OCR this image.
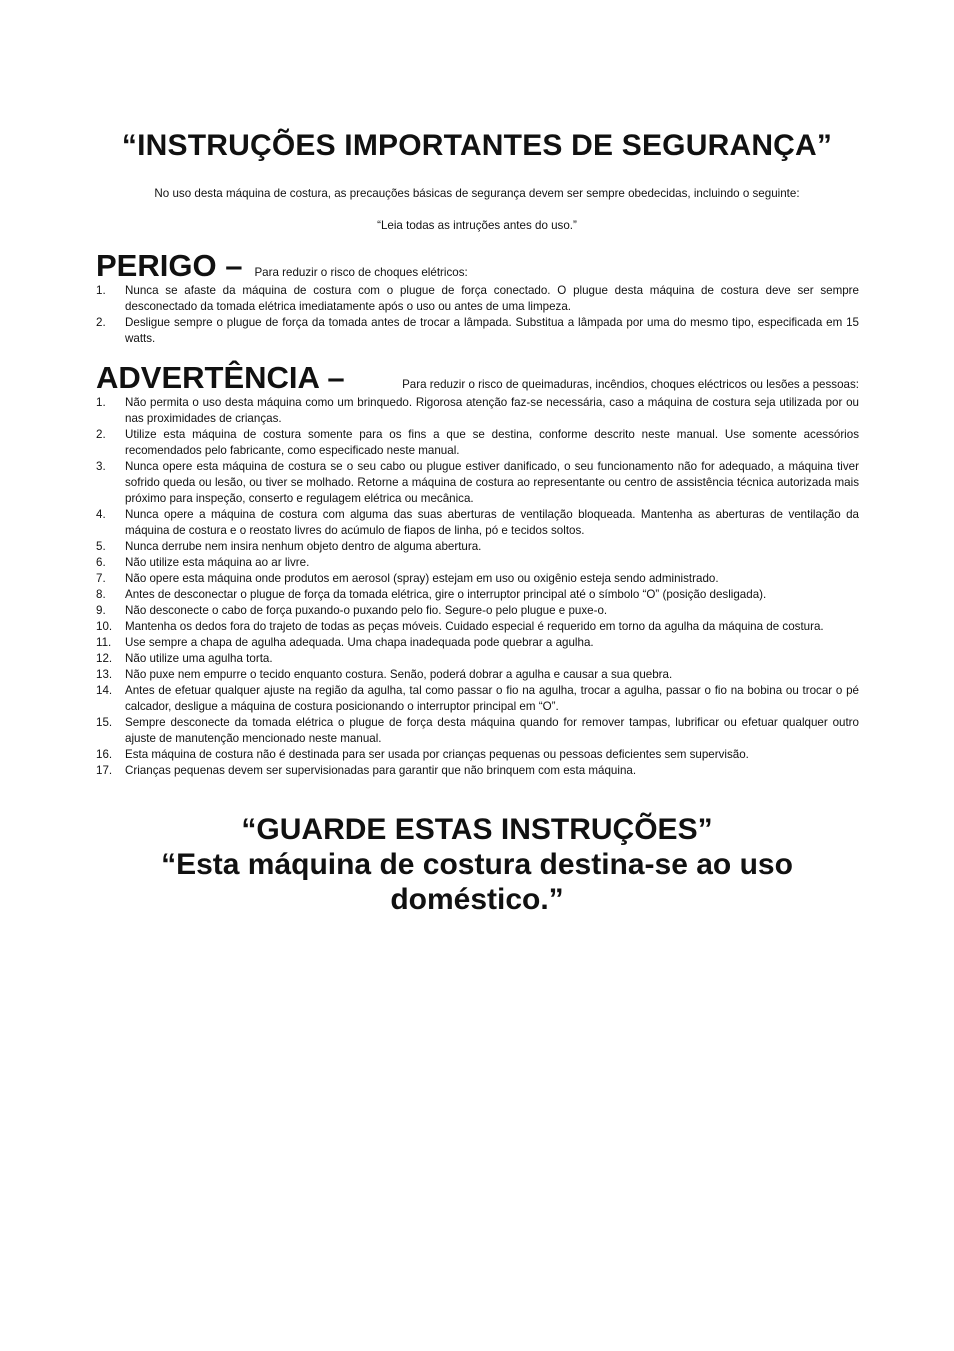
“INSTRUÇÕES IMPORTANTES DE SEGURANÇA”
No uso desta máquina de costura, as precauções básicas de segurança devem ser sempre obedecidas, incluindo o seguinte:
“Leia todas as intruções antes do uso.”
PERIGO – Para reduzir o risco de choques elétricos:
1. Nunca se afaste da máquina de costura com o plugue de força conectado. O plugue desta máquina de costura deve ser sempre desconectado da tomada elétrica imediatamente após o uso ou antes de uma limpeza.
2. Desligue sempre o plugue de força da tomada antes de trocar a lâmpada. Substitua a lâmpada por uma do mesmo tipo, especificada em 15 watts.
ADVERTÊNCIA –	Para reduzir o risco de queimaduras, incêndios, choques eléctricos ou lesões a pessoas:
1. Não permita o uso desta máquina como um brinquedo. Rigorosa atenção faz-se necessária, caso a máquina de costura seja utilizada por ou nas proximidades de crianças.
2. Utilize esta máquina de costura somente para os fins a que se destina, conforme descrito neste manual. Use somente acessórios recomendados pelo fabricante, como especificado neste manual.
3. Nunca opere esta máquina de costura se o seu cabo ou plugue estiver danificado, o seu funcionamento não for adequado, a máquina tiver sofrido queda ou lesão, ou tiver se molhado. Retorne a máquina de costura ao representante ou centro de assistência técnica autorizada mais próximo para inspeção, conserto e regulagem elétrica ou mecânica.
4. Nunca opere a máquina de costura com alguma das suas aberturas de ventilação bloqueada. Mantenha as aberturas de ventilação da máquina de costura e o reostato livres do acúmulo de fiapos de linha, pó e tecidos soltos.
5. Nunca derrube nem insira nenhum objeto dentro de alguma abertura.
6. Não utilize esta máquina ao ar livre.
7. Não opere esta máquina onde produtos em aerosol (spray) estejam em uso ou oxigênio esteja sendo administrado.
8. Antes de desconectar o plugue de força da tomada elétrica, gire o interruptor principal até o símbolo “O” (posição desligada).
9. Não desconecte o cabo de força puxando-o puxando pelo fio. Segure-o pelo plugue e puxe-o.
10. Mantenha os dedos fora do trajeto de todas as peças móveis. Cuidado especial é requerido em torno da agulha da máquina de costura.
11. Use sempre a chapa de agulha adequada. Uma chapa inadequada pode quebrar a agulha.
12. Não utilize uma agulha torta.
13. Não puxe nem empurre o tecido enquanto costura. Senão, poderá dobrar a agulha e causar a sua quebra.
14. Antes de efetuar qualquer ajuste na região da agulha, tal como passar o fio na agulha, trocar a agulha, passar o fio na bobina ou trocar o pé calcador, desligue a máquina de costura posicionando o interruptor principal em “O”.
15. Sempre desconecte da tomada elétrica o plugue de força desta máquina quando for remover tampas, lubrificar ou efetuar qualquer outro ajuste de manutenção mencionado neste manual.
16. Esta máquina de costura não é destinada para ser usada por crianças pequenas ou pessoas deficientes sem supervisão.
17. Crianças pequenas devem ser supervisionadas para garantir que não brinquem com esta máquina.
“GUARDE ESTAS INSTRUÇÕES”
“Esta máquina de costura destina-se ao uso doméstico.”
